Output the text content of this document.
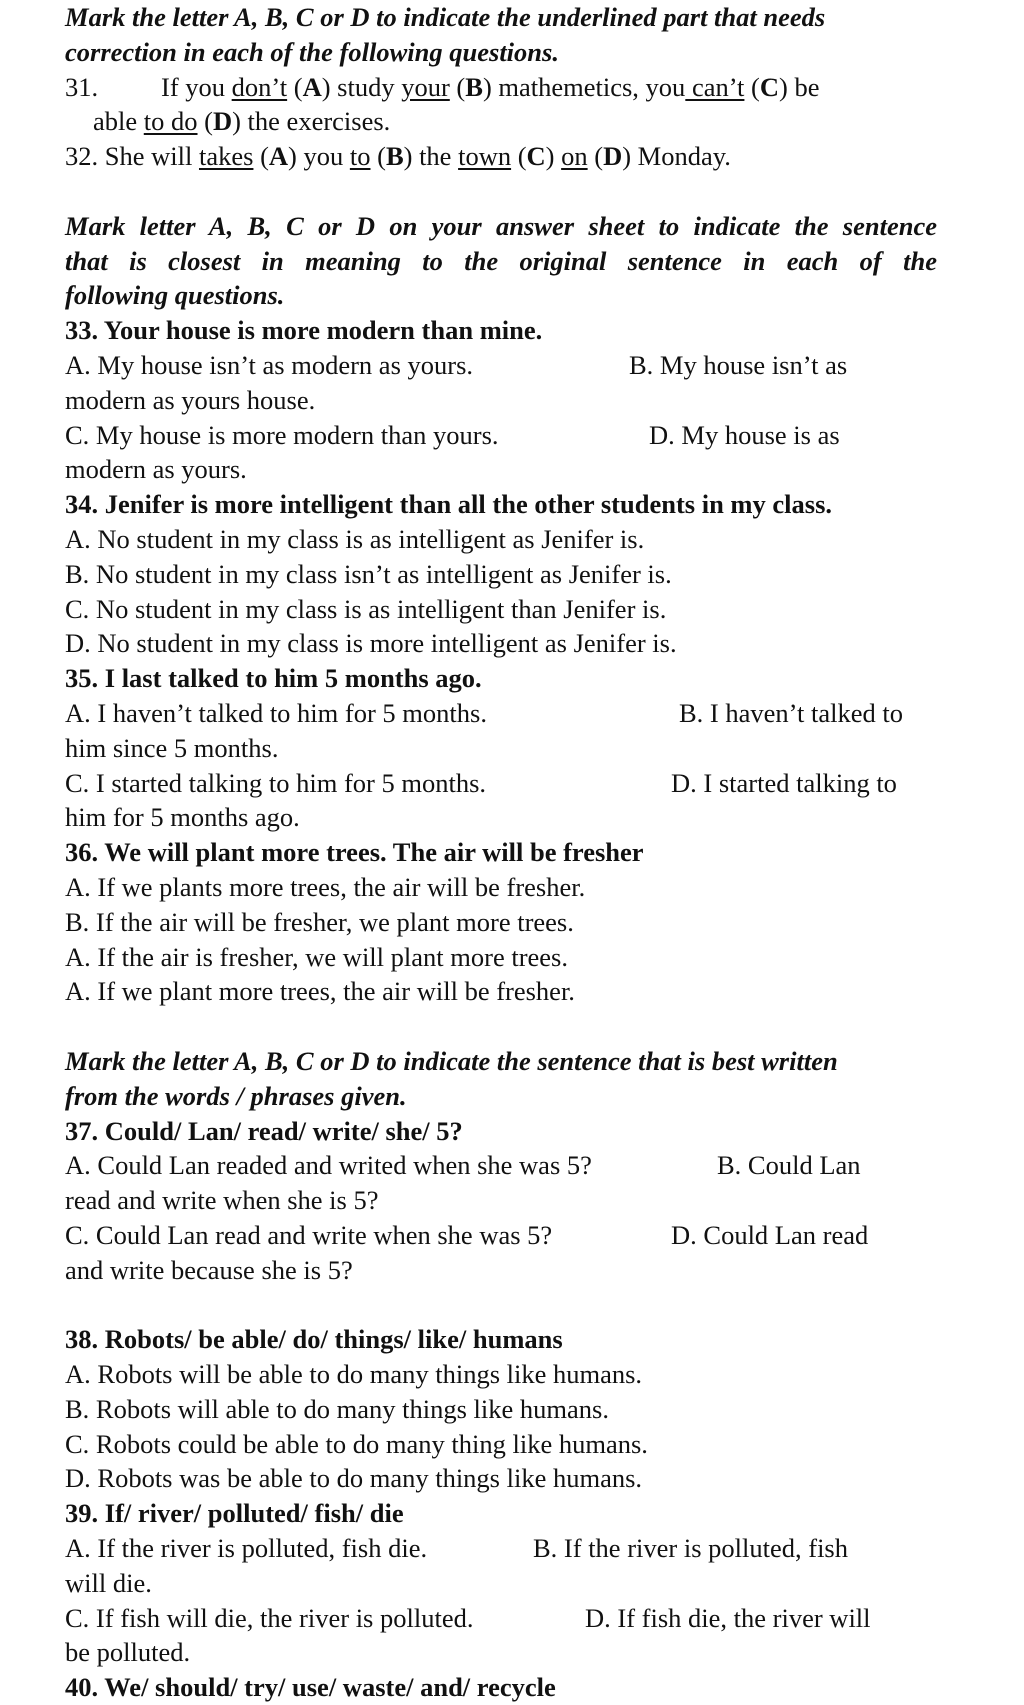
Mark the letter A, B, C or D to indicate the underlined part that needs
correction in each of the following questions.
31. If you don’t (A) study your (B) mathemetics, you can’t (C) be
able to do (D) the exercises.
32. She will takes (A) you to (B) the town (C) on (D) Monday.
Mark letter A, B, C or D on your answer sheet to indicate the sentence
that is closest in meaning to the original sentence in each of the
following questions.
33. Your house is more modern than mine.
A. My house isn’t as modern as yours.	B. My house isn’t as
modern as yours house.
C. My house is more modern than yours.	D. My house is as
modern as yours.
34. Jenifer is more intelligent than all the other students in my class.
A. No student in my class is as intelligent as Jenifer is.
B. No student in my class isn’t as intelligent as Jenifer is.
C. No student in my class is as intelligent than Jenifer is.
D. No student in my class is more intelligent as Jenifer is.
35. I last talked to him 5 months ago.
A. I haven’t talked to him for 5 months.	B. I haven’t talked to
him since 5 months.
C. I started talking to him for 5 months.	D. I started talking to
him for 5 months ago.
36. We will plant more trees. The air will be fresher
A. If we plants more trees, the air will be fresher.
B. If the air will be fresher, we plant more trees.
A. If the air is fresher, we will plant more trees.
A. If we plant more trees, the air will be fresher.
Mark the letter A, B, C or D to indicate the sentence that is best written
from the words / phrases given.
37. Could/ Lan/ read/ write/ she/ 5?
A. Could Lan readed and writed when she was 5?	B. Could Lan
read and write when she is 5?
C. Could Lan read and write when she was 5?	D. Could Lan read
and write because she is 5?
38. Robots/ be able/ do/ things/ like/ humans
A. Robots will be able to do many things like humans.
B. Robots will able to do many things like humans.
C. Robots could be able to do many thing like humans.
D. Robots was be able to do many things like humans.
39. If/ river/ polluted/ fish/ die
A. If the river is polluted, fish die.	B. If the river is polluted, fish
will die.
C. If fish will die, the river is polluted.	D. If fish die, the river will
be polluted.
40. We/ should/ try/ use/ waste/ and/ recycle
